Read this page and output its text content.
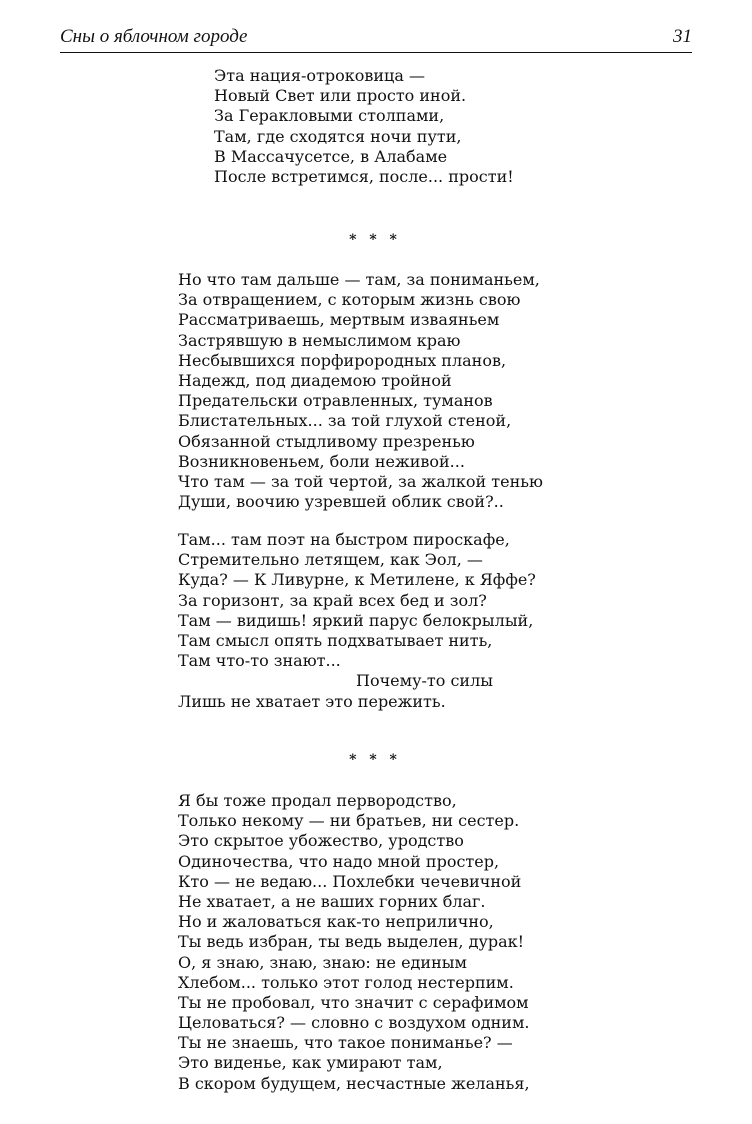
Сны о яблочном городе	31
Эта нация-отроковица —
Новый Свет или просто иной.
За Геракловыми столпами,
Там, где сходятся ночи пути,
В Массачусетсе, в Алабаме
После встретимся, после... прости!
* * *
Но что там дальше — там, за пониманьем,
За отвращением, с которым жизнь свою
Рассматриваешь, мертвым изваяньем
Застрявшую в немыслимом краю
Несбывшихся порфирородных планов,
Надежд, под диадемою тройной
Предательски отравленных, туманов
Блистательных... за той глухой стеной,
Обязанной стыдливому презренью
Возникновеньем, боли неживой...
Что там — за той чертой, за жалкой тенью
Души, воочию узревшей облик свой?..
Там... там поэт на быстром пироскафе,
Стремительно летящем, как Эол, —
Куда? — К Ливурне, к Метилене, к Яффе?
За горизонт, за край всех бед и зол?
Там — видишь! яркий парус белокрылый,
Там смысл опять подхватывает нить,
Там что-то знают...
Почему-то силы
Лишь не хватает это пережить.
* * *
Я бы тоже продал первородство,
Только некому — ни братьев, ни сестер.
Это скрытое убожество, уродство
Одиночества, что надо мной простер,
Кто — не ведаю... Похлебки чечевичной
Не хватает, а не ваших горних благ.
Но и жаловаться как-то неприлично,
Ты ведь избран, ты ведь выделен, дурак!
О, я знаю, знаю, знаю: не единым
Хлебом... только этот голод нестерпим.
Ты не пробовал, что значит с серафимом
Целоваться? — словно с воздухом одним.
Ты не знаешь, что такое пониманье? —
Это виденье, как умирают там,
В скором будущем, несчастные желанья,
